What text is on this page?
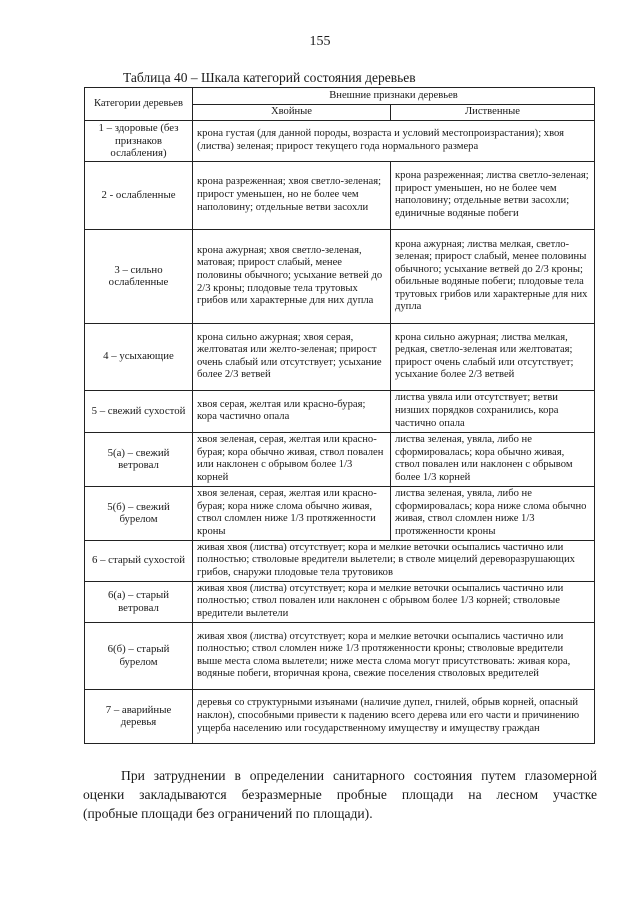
155
Таблица 40 – Шкала категорий состояния деревьев
Категории деревьев	Внешние признаки деревьев	
	Хвойные	Лиственные
1 – здоровые (без признаков ослабления)	крона густая (для данной породы, возраста и условий местопроизрастания); хвоя (листва) зеленая; прирост текущего года нормального размера	
2 - ослабленные	крона разреженная; хвоя светло-зеленая; прирост уменьшен, но не более чем наполовину; отдельные ветви засохли	крона разреженная; листва светло-зеленая; прирост уменьшен, но не более чем наполовину; отдельные ветви засохли; единичные водяные побеги
3 – сильно ослабленные	крона ажурная; хвоя светло-зеленая, матовая; прирост слабый, менее половины обычного; усыхание ветвей до 2/3 кроны; плодовые тела трутовых грибов или характерные для них дупла	крона ажурная; листва мелкая, светло-зеленая; прирост слабый, менее половины обычного; усыхание ветвей до 2/3 кроны; обильные водяные побеги; плодовые тела трутовых грибов или характерные для них дупла
4 – усыхающие	крона сильно ажурная; хвоя серая, желтоватая или желто-зеленая; прирост очень слабый или отсутствует; усыхание более 2/3 ветвей	крона сильно ажурная; листва мелкая, редкая, светло-зеленая или желтоватая; прирост очень слабый или отсутствует; усыхание более 2/3 ветвей
5 – свежий сухостой	хвоя серая, желтая или красно-бурая; кора частично опала	листва увяла или отсутствует; ветви низших порядков сохранились, кора частично опала
5(а) – свежий ветровал	хвоя зеленая, серая, желтая или красно-бурая; кора обычно живая, ствол повален или наклонен с обрывом более 1/3 корней	листва зеленая, увяла, либо не сформировалась; кора обычно живая, ствол повален или наклонен с обрывом более 1/3 корней
5(б) – свежий бурелом	хвоя зеленая, серая, желтая или красно-бурая; кора ниже слома обычно живая, ствол сломлен ниже 1/3 протяженности кроны	листва зеленая, увяла, либо не сформировалась; кора ниже слома обычно живая, ствол сломлен ниже 1/3 протяженности кроны
6 – старый сухостой	живая хвоя (листва) отсутствует; кора и мелкие веточки осыпались частично или полностью; стволовые вредители вылетели; в стволе мицелий дереворазрушающих грибов, снаружи плодовые тела трутовиков	
6(а) – старый ветровал	живая хвоя (листва) отсутствует; кора и мелкие веточки осыпались частично или полностью; ствол повален или наклонен с обрывом более 1/3 корней; стволовые вредители вылетели	
6(б) – старый бурелом	живая хвоя (листва) отсутствует; кора и мелкие веточки осыпались частично или полностью; ствол сломлен ниже 1/3 протяженности кроны; стволовые вредители выше места слома вылетели; ниже места слома могут присутствовать: живая кора, водяные побеги, вторичная крона, свежие поселения стволовых вредителей	
7 – аварийные деревья	деревья со структурными изъянами (наличие дупел, гнилей, обрыв корней, опасный наклон), способными привести к падению всего дерева или его части и причинению ущерба населению или государственному имуществу и имуществу граждан	
При затруднении в определении санитарного состояния путем глазомерной
оценки закладываются безразмерные пробные площади на лесном участке
(пробные площади без ограничений по площади).
